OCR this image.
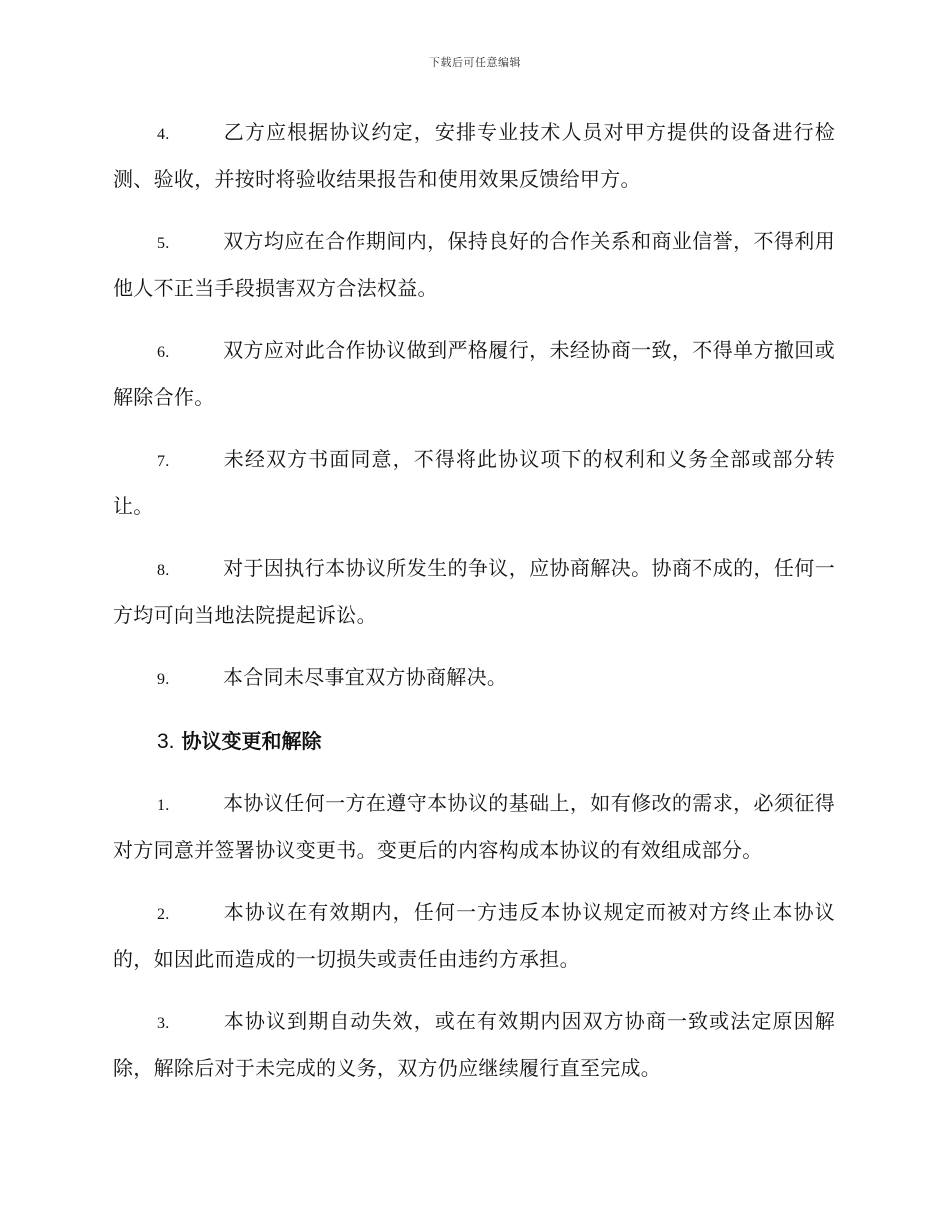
下载后可任意编辑

4.	乙方应根据协议约定，安排专业技术人员对甲方提供的设备进行检测、验收，并按时将验收结果报告和使用效果反馈给甲方。

5.	双方均应在合作期间内，保持良好的合作关系和商业信誉，不得利用他人不正当手段损害双方合法权益。

6.	双方应对此合作协议做到严格履行，未经协商一致，不得单方撤回或解除合作。

7.	未经双方书面同意，不得将此协议项下的权利和义务全部或部分转让。

8.	对于因执行本协议所发生的争议，应协商解决。协商不成的，任何一方均可向当地法院提起诉讼。

9.	本合同未尽事宜双方协商解决。

3. 协议变更和解除

1.	本协议任何一方在遵守本协议的基础上，如有修改的需求，必须征得对方同意并签署协议变更书。变更后的内容构成本协议的有效组成部分。

2.	本协议在有效期内，任何一方违反本协议规定而被对方终止本协议的，如因此而造成的一切损失或责任由违约方承担。

3.	本协议到期自动失效，或在有效期内因双方协商一致或法定原因解除，解除后对于未完成的义务，双方仍应继续履行直至完成。
